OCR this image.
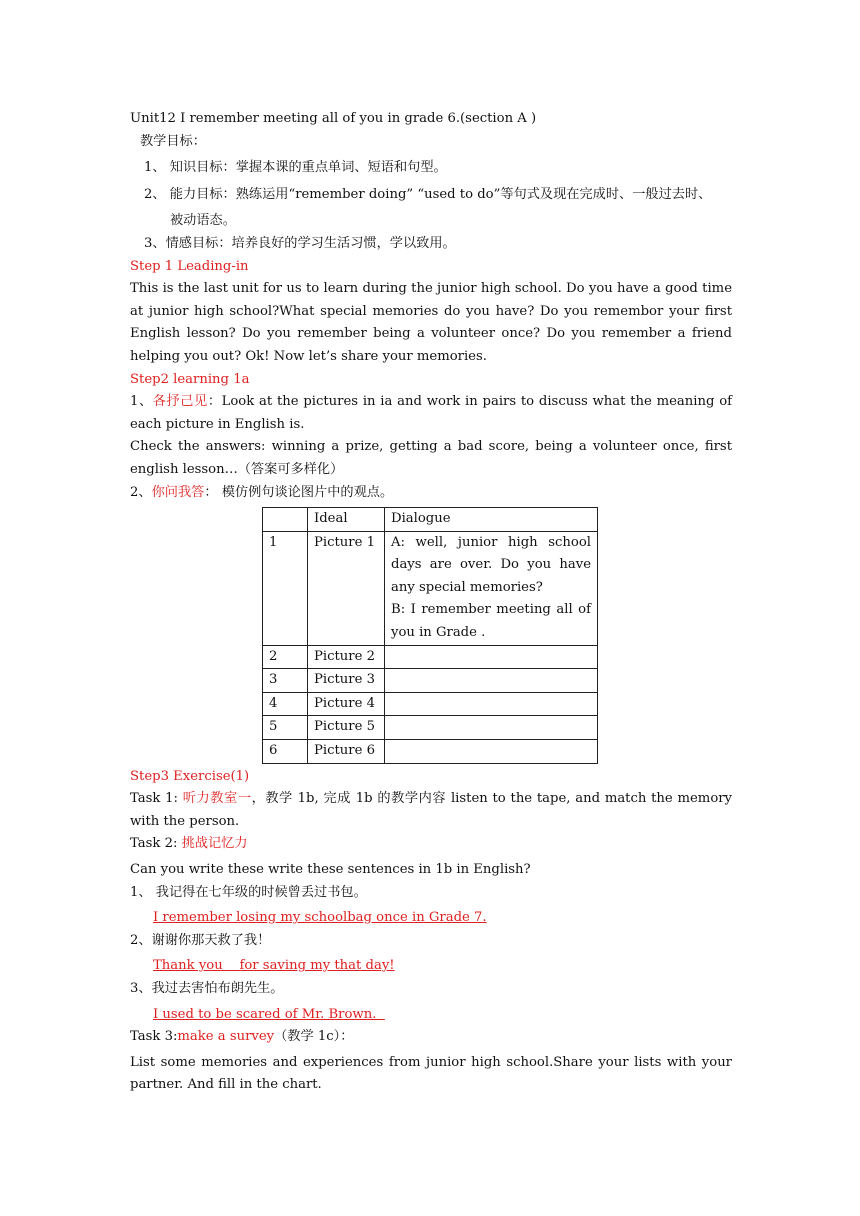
Unit12 I remember meeting all of you in grade 6.(section A )
教学目标：
1、 知识目标：掌握本课的重点单词、短语和句型。
2、 能力目标：熟练运用“remember doing” “used to do”等句式及现在完成时、一般过去时、
被动语态。
3、情感目标：培养良好的学习生活习惯，学以致用。
Step 1 Leading-in
This is the last unit for us to learn during the junior high school. Do you have a good time at junior high school?What special memories do you have? Do you remembor your first English lesson? Do you remember being a volunteer once? Do you remember a friend helping you out? Ok! Now let’s share your memories.
Step2 learning 1a
1、各抒己见：Look at the pictures in ia and work in pairs to discuss what the meaning of each picture in English is.
Check the answers: winning a prize, getting a bad score, being a volunteer once, first english lesson…（答案可多样化）
2、你问我答： 模仿例句谈论图片中的观点。
	Ideal	Dialogue
1	Picture 1	A: well, junior high school days are over. Do you have any special memories?
B: I remember meeting all of you in Grade .

2	Picture 2	
3	Picture 3	
4	Picture 4	
5	Picture 5	
6	Picture 6	
Step3 Exercise(1)
Task 1: 听力教室一，教学 1b, 完成 1b 的教学内容 listen to the tape, and match the memory with the person.
Task 2: 挑战记忆力
Can you write these write these sentences in 1b in English?
1、 我记得在七年级的时候曾丢过书包。
I remember losing my schoolbag once in Grade 7.
2、谢谢你那天救了我！
Thank you    for saving my that day!
3、我过去害怕布朗先生。
I used to be scared of Mr. Brown.
Task 3:make a survey（教学 1c）：
List some memories and experiences from junior high school.Share your lists with your partner. And fill in the chart.
